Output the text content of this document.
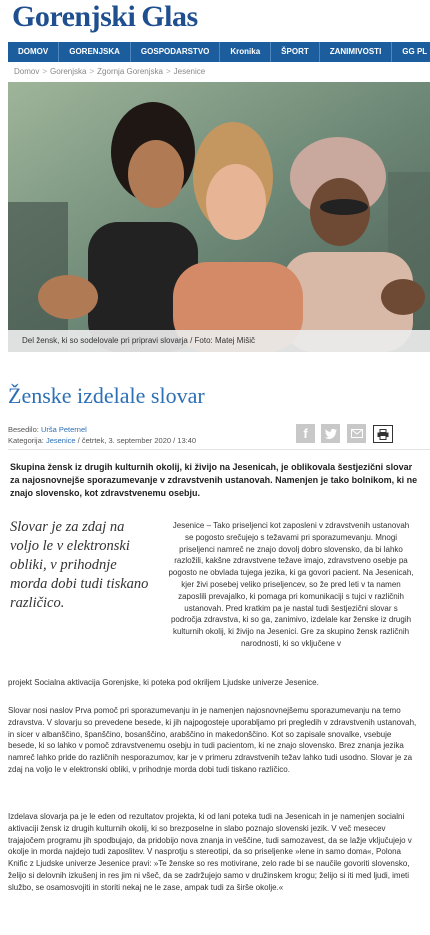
Gorenjski Glas
DOMOV	GORENJSKA	GOSPODARSTVO	Kronika	ŠPORT	ZANIMIVOSTI	GG PL
Domov > Gorenjska > Zgornja Gorenjska > Jesenice
Del žensk, ki so sodelovale pri pripravi slovarja / Foto: Matej Mišič
Ženske izdelale slovar
Besedilo: Urša Peternel
Kategorija: Jesenice / četrtek, 3. september 2020 / 13:40	f

Skupina žensk iz drugih kulturnih okolij, ki živijo na Jesenicah, je oblikovala šestjezični slovar za najosnovnejše sporazumevanje v zdravstvenih ustanovah. Namenjen je tako bolnikom, ki ne znajo slovensko, kot zdravstvenemu osebju.

Slovar je za zdaj na voljo le v elektronski obliki, v prihodnje morda dobi tudi tiskano različico.

Jesenice – Tako priseljenci kot zaposleni v zdravstvenih ustanovah se pogosto srečujejo s težavami pri sporazumevanju. Mnogi priseljenci namreč ne znajo dovolj dobro slovensko, da bi lahko razložili, kakšne zdravstvene težave imajo, zdravstveno osebje pa pogosto ne obvlada tujega jezika, ki ga govori pacient. Na Jesenicah, kjer živi posebej veliko priseljencev, so že pred leti v ta namen zaposlili prevajalko, ki pomaga pri komunikaciji s tujci v različnih ustanovah. Pred kratkim pa je nastal tudi šestjezični slovar s področja zdravstva, ki so ga, zanimivo, izdelale kar ženske iz drugih kulturnih okolij, ki živijo na Jesenici. Gre za skupino žensk različnih narodnosti, ki so vključene v

projekt Socialna aktivacija Gorenjske, ki poteka pod okriljem Ljudske univerze Jesenice.

Slovar nosi naslov Prva pomoč pri sporazumevanju in je namenjen najosnovnejšemu sporazumevanju na temo zdravstva. V slovarju so prevedene besede, ki jih najpogosteje uporabljamo pri pregledih v zdravstvenih ustanovah, in sicer v albanščino, španščino, bosanščino, arabščino in makedonščino. Kot so zapisale snovalke, vsebuje besede, ki so lahko v pomoč zdravstvenemu osebju in tudi pacientom, ki ne znajo slovensko. Brez znanja jezika namreč lahko pride do različnih nesporazumov, kar je v primeru zdravstvenih težav lahko tudi usodno. Slovar je za zdaj na voljo le v elektronski obliki, v prihodnje morda dobi tudi tiskano različico.

Izdelava slovarja pa je le eden od rezultatov projekta, ki od lani poteka tudi na Jesenicah in je namenjen socialni aktivaciji žensk iz drugih kulturnih okolij, ki so brezposelne in slabo poznajo slovenski jezik. V več mesecev trajajočem programu jih spodbujajo, da pridobijo nova znanja in veščine, tudi samozavest, da se lažje vključujejo v okolje in morda najdejo tudi zaposlitev. V nasprotju s stereotipi, da so priseljenke »lene in samo doma«, Polona Knific z Ljudske univerze Jesenice pravi: »Te ženske so res motivirane, zelo rade bi se naučile govoriti slovensko, želijo si delovnih izkušenj in res jim ni všeč, da se zadržujejo samo v družinskem krogu; želijo si iti med ljudi, imeti službo, se osamosvojiti in storiti nekaj ne le zase, ampak tudi za širše okolje.«
